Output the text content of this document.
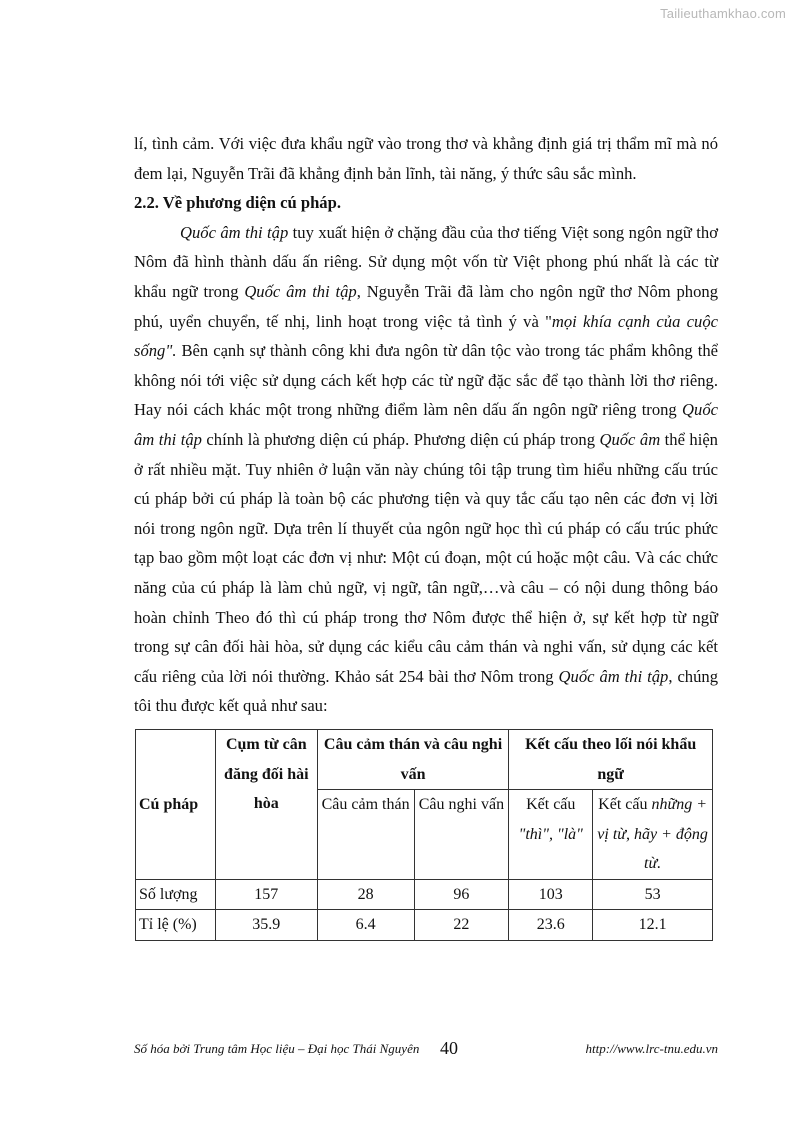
Tailieuthamkhao.com

lí, tình cảm. Với việc đưa khẩu ngữ vào trong thơ và khẳng định giá trị thẩm mĩ mà nó đem lại, Nguyễn Trãi đã khẳng định bản lĩnh, tài năng, ý thức sâu sắc mình.

2.2. Về phương diện cú pháp.

Quốc âm thi tập tuy xuất hiện ở chặng đầu của thơ tiếng Việt song ngôn ngữ thơ Nôm đã hình thành dấu ấn riêng. Sử dụng một vốn từ Việt phong phú nhất là các từ khẩu ngữ trong Quốc âm thi tập, Nguyễn Trãi đã làm cho ngôn ngữ thơ Nôm phong phú, uyển chuyển, tế nhị, linh hoạt trong việc tả tình ý và "mọi khía cạnh của cuộc sống". Bên cạnh sự thành công khi đưa ngôn từ dân tộc vào trong tác phẩm không thể không nói tới việc sử dụng cách kết hợp các từ ngữ đặc sắc để tạo thành lời thơ riêng. Hay nói cách khác một trong những điểm làm nên dấu ấn ngôn ngữ riêng trong Quốc âm thi tập chính là phương diện cú pháp. Phương diện cú pháp trong Quốc âm thể hiện ở rất nhiều mặt. Tuy nhiên ở luận văn này chúng tôi tập trung tìm hiểu những cấu trúc cú pháp bởi cú pháp là toàn bộ các phương tiện và quy tắc cấu tạo nên các đơn vị lời nói trong ngôn ngữ. Dựa trên lí thuyết của ngôn ngữ học thì cú pháp có cấu trúc phức tạp bao gồm một loạt các đơn vị như: Một cú đoạn, một cú hoặc một câu. Và các chức năng của cú pháp là làm chủ ngữ, vị ngữ, tân ngữ,…và câu – có nội dung thông báo hoàn chỉnh Theo đó thì cú pháp trong thơ Nôm được thể hiện ở, sự kết hợp từ ngữ trong sự cân đối hài hòa, sử dụng các kiểu câu cảm thán và nghi vấn, sử dụng các kết cấu riêng của lời nói thường. Khảo sát 254 bài thơ Nôm trong Quốc âm thi tập, chúng tôi thu được kết quả như sau:

Cú pháp	Cụm từ cân đăng đối hài hòa	Câu cảm thán và câu nghi vấn		Kết cấu theo lối nói khẩu ngữ	
		Câu cảm thán	Câu nghi vấn	Kết cấu "thì", "là"	Kết cấu những + vị từ, hãy + động từ.
Số lượng	157	28	96	103	53
Tỉ lệ (%)	35.9	6.4	22	23.6	12.1
Số hóa bởi Trung tâm Học liệu – Đại học Thái Nguyên 40	http://www.lrc-tnu.edu.vn
